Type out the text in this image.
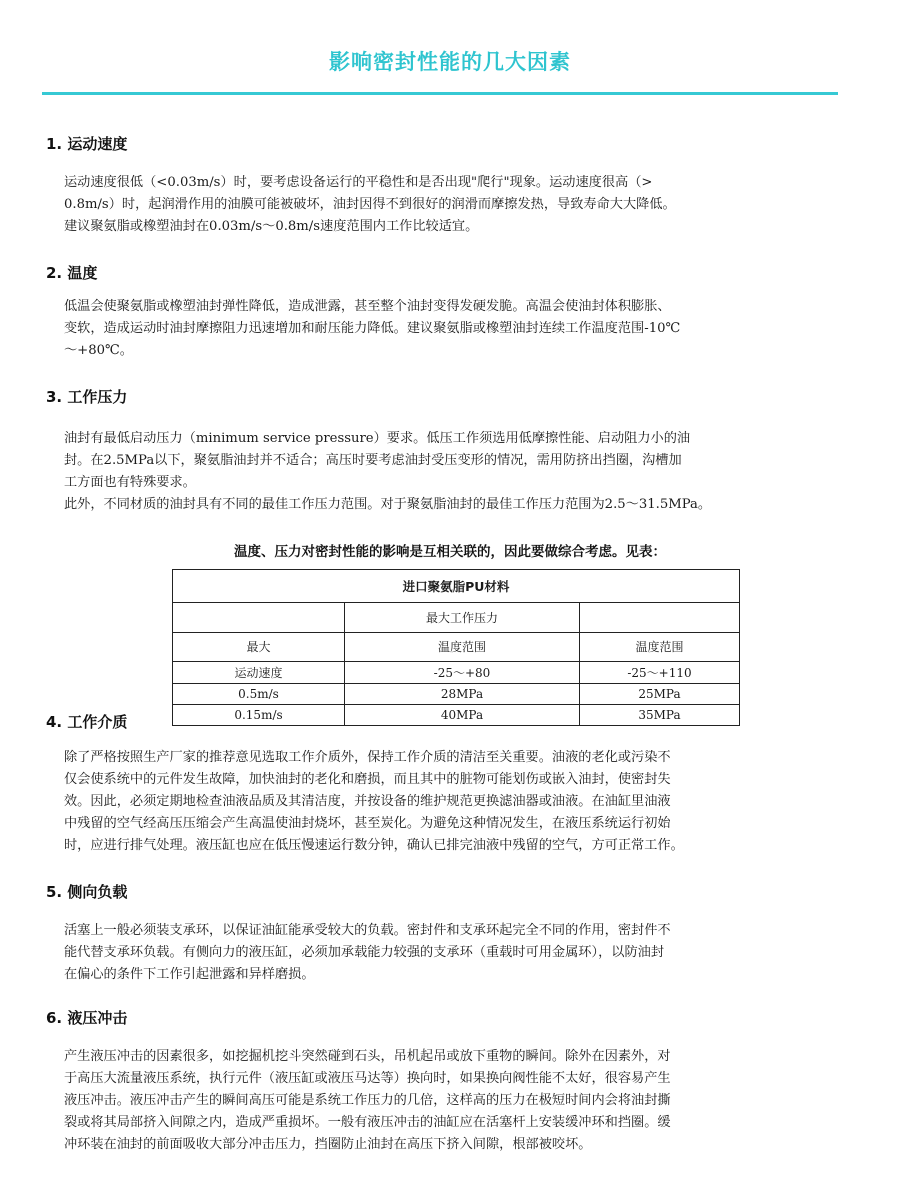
影响密封性能的几大因素
1. 运动速度
运动速度很低（<0.03m/s）时，要考虑设备运行的平稳性和是否出现"爬行"现象。运动速度很高（>
0.8m/s）时，起润滑作用的油膜可能被破坏，油封因得不到很好的润滑而摩擦发热，导致寿命大大降低。
建议聚氨脂或橡塑油封在0.03m/s～0.8m/s速度范围内工作比较适宜。
2. 温度
低温会使聚氨脂或橡塑油封弹性降低，造成泄露，甚至整个油封变得发硬发脆。高温会使油封体积膨胀、
变软，造成运动时油封摩擦阻力迅速增加和耐压能力降低。建议聚氨脂或橡塑油封连续工作温度范围-10℃
～+80℃。
3. 工作压力
油封有最低启动压力（minimum service pressure）要求。低压工作须选用低摩擦性能、启动阻力小的油
封。在2.5MPa以下，聚氨脂油封并不适合；高压时要考虑油封受压变形的情况，需用防挤出挡圈，沟槽加
工方面也有特殊要求。
此外，不同材质的油封具有不同的最佳工作压力范围。对于聚氨脂油封的最佳工作压力范围为2.5～31.5MPa。
温度、压力对密封性能的影响是互相关联的，因此要做综合考虑。见表：
进口聚氨脂PU材料		
	最大工作压力	
最大	温度范围	温度范围
运动速度	-25～+80	-25～+110
0.5m/s	28MPa	25MPa
0.15m/s	40MPa	35MPa
4. 工作介质
除了严格按照生产厂家的推荐意见选取工作介质外，保持工作介质的清洁至关重要。油液的老化或污染不
仅会使系统中的元件发生故障，加快油封的老化和磨损，而且其中的脏物可能划伤或嵌入油封，使密封失
效。因此，必须定期地检查油液品质及其清洁度，并按设备的维护规范更换滤油器或油液。在油缸里油液
中残留的空气经高压压缩会产生高温使油封烧坏，甚至炭化。为避免这种情况发生，在液压系统运行初始
时，应进行排气处理。液压缸也应在低压慢速运行数分钟，确认已排完油液中残留的空气，方可正常工作。
5. 侧向负载
活塞上一般必须装支承环，以保证油缸能承受较大的负载。密封件和支承环起完全不同的作用，密封件不
能代替支承环负载。有侧向力的液压缸，必须加承载能力较强的支承环（重载时可用金属环），以防油封
在偏心的条件下工作引起泄露和异样磨损。
6. 液压冲击
产生液压冲击的因素很多，如挖掘机挖斗突然碰到石头，吊机起吊或放下重物的瞬间。除外在因素外，对
于高压大流量液压系统，执行元件（液压缸或液压马达等）换向时，如果换向阀性能不太好，很容易产生
液压冲击。液压冲击产生的瞬间高压可能是系统工作压力的几倍，这样高的压力在极短时间内会将油封撕
裂或将其局部挤入间隙之内，造成严重损坏。一般有液压冲击的油缸应在活塞杆上安装缓冲环和挡圈。缓
冲环装在油封的前面吸收大部分冲击压力，挡圈防止油封在高压下挤入间隙，根部被咬坏。
